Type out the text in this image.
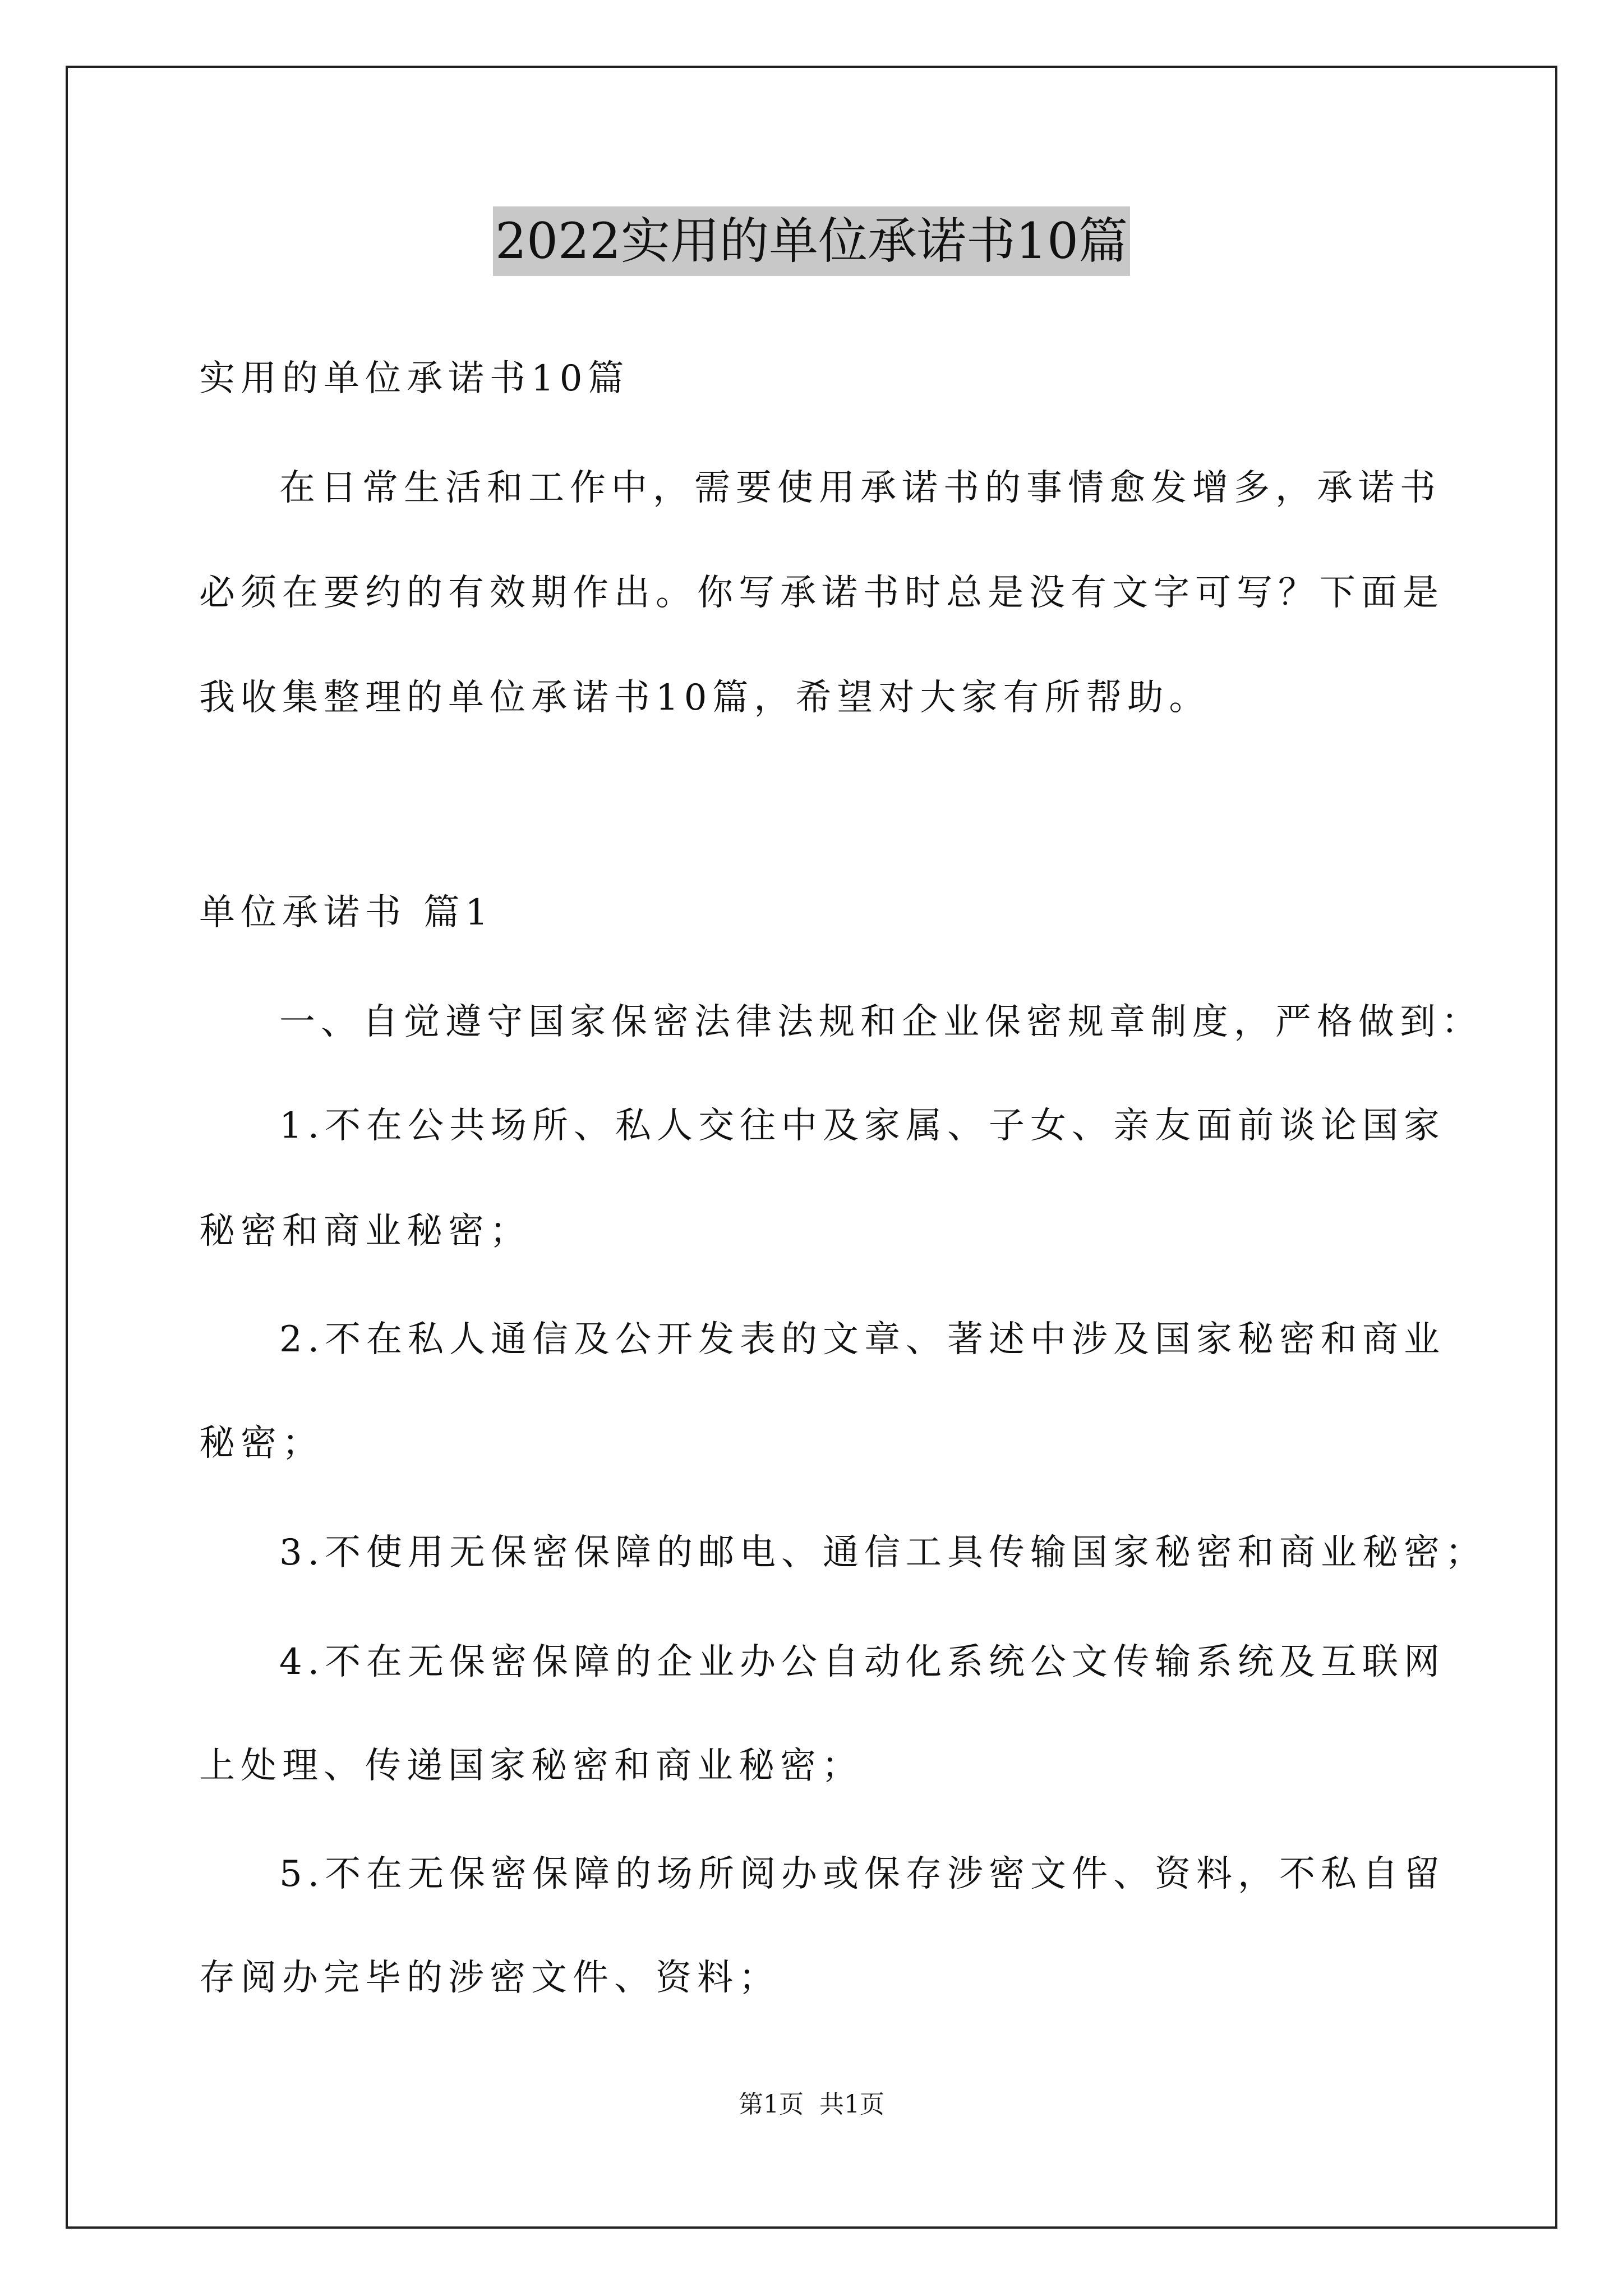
2022实用的单位承诺书10篇
实用的单位承诺书10篇
在日常生活和工作中，需要使用承诺书的事情愈发增多，承诺书
必须在要约的有效期作出。你写承诺书时总是没有文字可写？下面是
我收集整理的单位承诺书10篇，希望对大家有所帮助。
单位承诺书 篇1
一、自觉遵守国家保密法律法规和企业保密规章制度，严格做到：
1.不在公共场所、私人交往中及家属、子女、亲友面前谈论国家
秘密和商业秘密；
2.不在私人通信及公开发表的文章、著述中涉及国家秘密和商业
秘密；
3.不使用无保密保障的邮电、通信工具传输国家秘密和商业秘密；
4.不在无保密保障的企业办公自动化系统公文传输系统及互联网
上处理、传递国家秘密和商业秘密；
5.不在无保密保障的场所阅办或保存涉密文件、资料，不私自留
存阅办完毕的涉密文件、资料；
第1页 共1页
